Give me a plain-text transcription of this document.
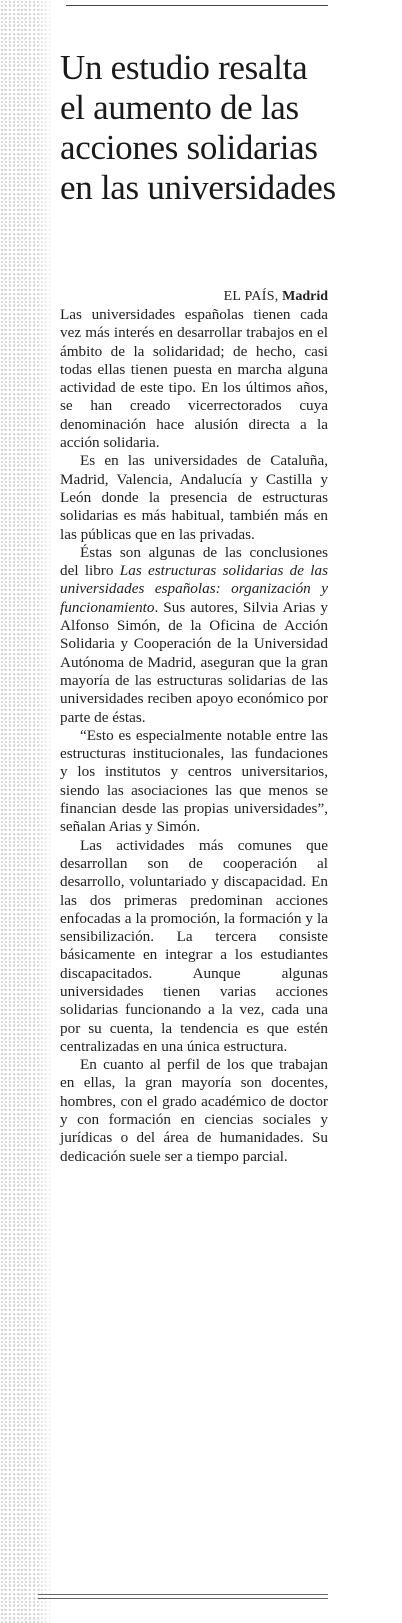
Un estudio resalta el aumento de las acciones solidarias en las universidades
EL PAÍS, Madrid

Las universidades españolas tienen cada vez más interés en desarrollar trabajos en el ámbito de la solidaridad; de hecho, casi todas ellas tienen puesta en marcha alguna actividad de este tipo. En los últimos años, se han creado vicerrectorados cuya denominación hace alusión directa a la acción solidaria.

Es en las universidades de Cataluña, Madrid, Valencia, Andalucía y Castilla y León donde la presencia de estructuras solidarias es más habitual, también más en las públicas que en las privadas.

Éstas son algunas de las conclusiones del libro Las estructuras solidarias de las universidades españolas: organización y funcionamiento. Sus autores, Silvia Arias y Alfonso Simón, de la Oficina de Acción Solidaria y Cooperación de la Universidad Autónoma de Madrid, aseguran que la gran mayoría de las estructuras solidarias de las universidades reciben apoyo económico por parte de éstas.

“Esto es especialmente notable entre las estructuras institucionales, las fundaciones y los institutos y centros universitarios, siendo las asociaciones las que menos se financian desde las propias universidades”, señalan Arias y Simón.

Las actividades más comunes que desarrollan son de cooperación al desarrollo, voluntariado y discapacidad. En las dos primeras predominan acciones enfocadas a la promoción, la formación y la sensibilización. La tercera consiste básicamente en integrar a los estudiantes discapacitados. Aunque algunas universidades tienen varias acciones solidarias funcionando a la vez, cada una por su cuenta, la tendencia es que estén centralizadas en una única estructura.

En cuanto al perfil de los que trabajan en ellas, la gran mayoría son docentes, hombres, con el grado académico de doctor y con formación en ciencias sociales y jurídicas o del área de humanidades. Su dedicación suele ser a tiempo parcial.
